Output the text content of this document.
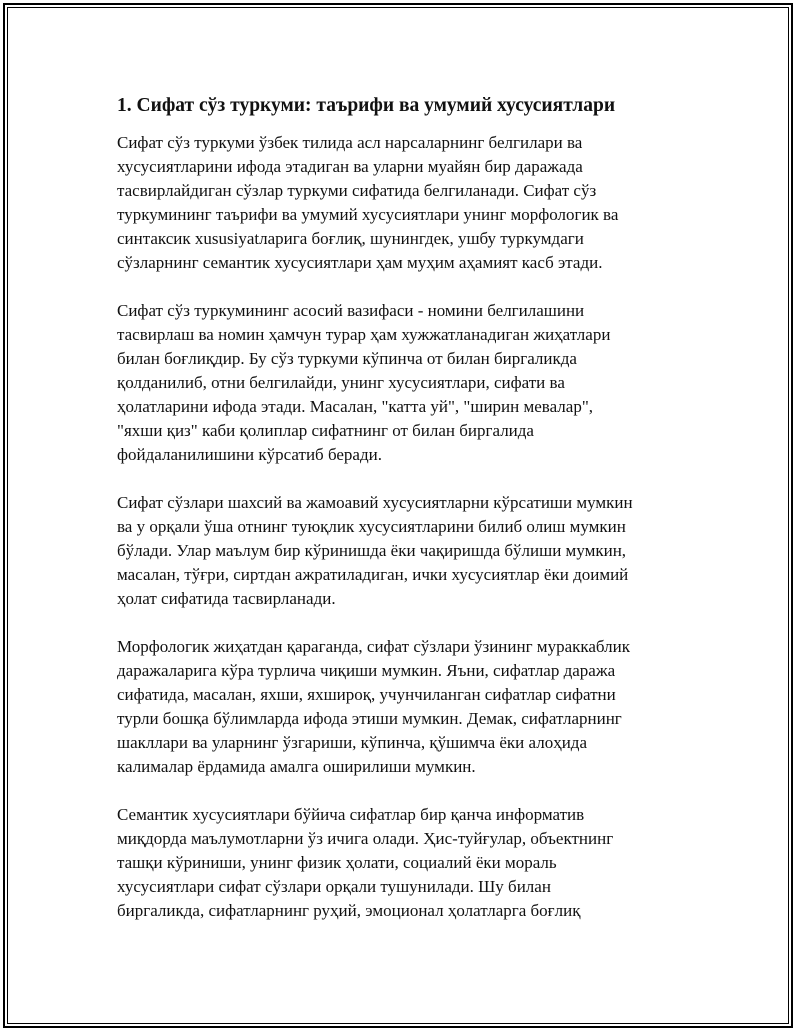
1. Сифат сўз туркуми: таърифи ва умумий хусусиятлари
Сифат сўз туркуми ўзбек тилида асл нарсаларнинг белгилари ва
хусусиятларини ифода этадиган ва уларни муайян бир даражада
тасвирлайдиган сўзлар туркуми сифатида белгиланади. Сифат сўз
туркумининг таърифи ва умумий хусусиятлари унинг морфологик ва
синтаксик xususiyatларига боғлиқ, шунингдек, ушбу туркумдаги
сўзларнинг семантик хусусиятлари ҳам муҳим аҳамият касб этади.
Сифат сўз туркумининг асосий вазифаси - номини белгилашини
тасвирлаш ва номин ҳамчун турар ҳам хужжатланадиган жиҳатлари
билан боғлиқдир. Бу сўз туркуми кўпинча от билан биргаликда
қолданилиб, отни белгилайди, унинг хусусиятлари, сифати ва
ҳолатларини ифода этади. Масалан, "катта уй", "ширин мевалар",
"яхши қиз" каби қолиплар сифатнинг от билан биргалида
фойдаланилишини кўрсатиб беради.
Сифат сўзлари шахсий ва жамоавий хусусиятларни кўрсатиши мумкин
ва у орқали ўша отнинг туюқлик хусусиятларини билиб олиш мумкин
бўлади. Улар маълум бир кўринишда ёки чақиришда бўлиши мумкин,
масалан, тўғри, сиртдан ажратиладиган, ички хусусиятлар ёки доимий
ҳолат сифатида тасвирланади.
Морфологик жиҳатдан қараганда, сифат сўзлари ўзининг мураккаблик
даражаларига кўра турлича чиқиши мумкин. Яъни, сифатлар даража
сифатида, масалан, яхши, яхшироқ, учунчиланган сифатлар сифатни
турли бошқа бўлимларда ифода этиши мумкин. Демак, сифатларнинг
шакллари ва уларнинг ўзгариши, кўпинча, қўшимча ёки алоҳида
калималар ёрдамида амалга оширилиши мумкин.
Семантик хусусиятлари бўйича сифатлар бир қанча информатив
миқдорда маълумотларни ўз ичига олади. Ҳис-туйғулар, объектнинг
ташқи кўриниши, унинг физик ҳолати, социалий ёки мораль
хусусиятлари сифат сўзлари орқали тушунилади. Шу билан
биргаликда, сифатларнинг руҳий, эмоционал ҳолатларга боғлиқ
